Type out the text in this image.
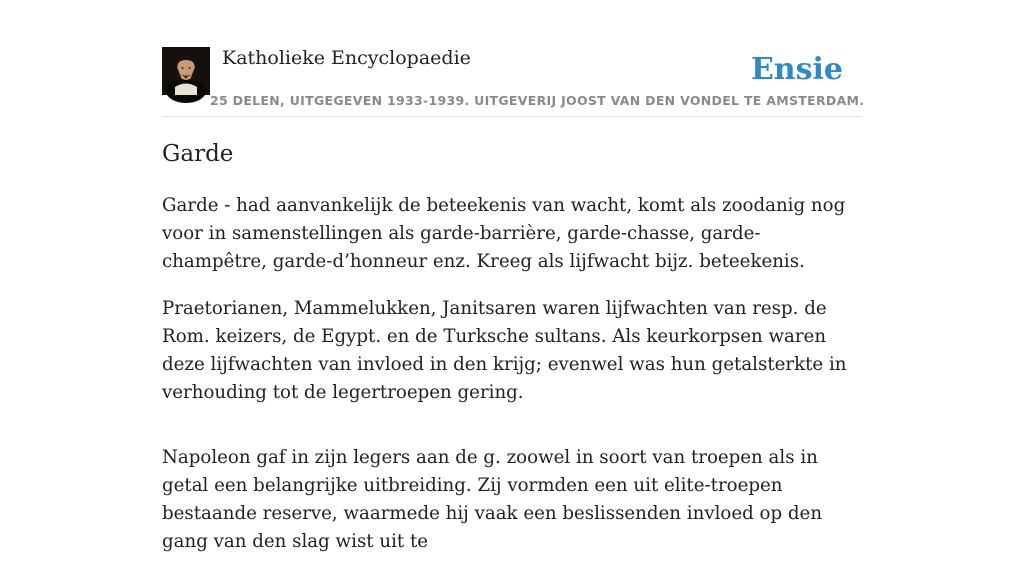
Katholieke Encyclopaedie
25 DELEN, UITGEGEVEN 1933-1939. UITGEVERIJ JOOST VAN DEN VONDEL TE AMSTERDAM.
Ensie
Garde

Garde - had aanvankelijk de beteekenis van wacht, komt als zoodanig nog voor in samenstellingen als garde-barrière, garde-chasse, garde-champêtre, garde-d’honneur enz. Kreeg als lijfwacht bijz. beteekenis.

Praetorianen, Mammelukken, Janitsaren waren lijfwachten van resp. de Rom. keizers, de Egypt. en de Turksche sultans. Als keurkorpsen waren deze lijfwachten van invloed in den krijg; evenwel was hun getalsterkte in verhouding tot de legertroepen gering.

Napoleon gaf in zijn legers aan de g. zoowel in soort van troepen als in getal een belangrijke uitbreiding. Zij vormden een uit elite-troepen bestaande reserve, waarmede hij vaak een beslissenden invloed op den gang van den slag wist uit te
